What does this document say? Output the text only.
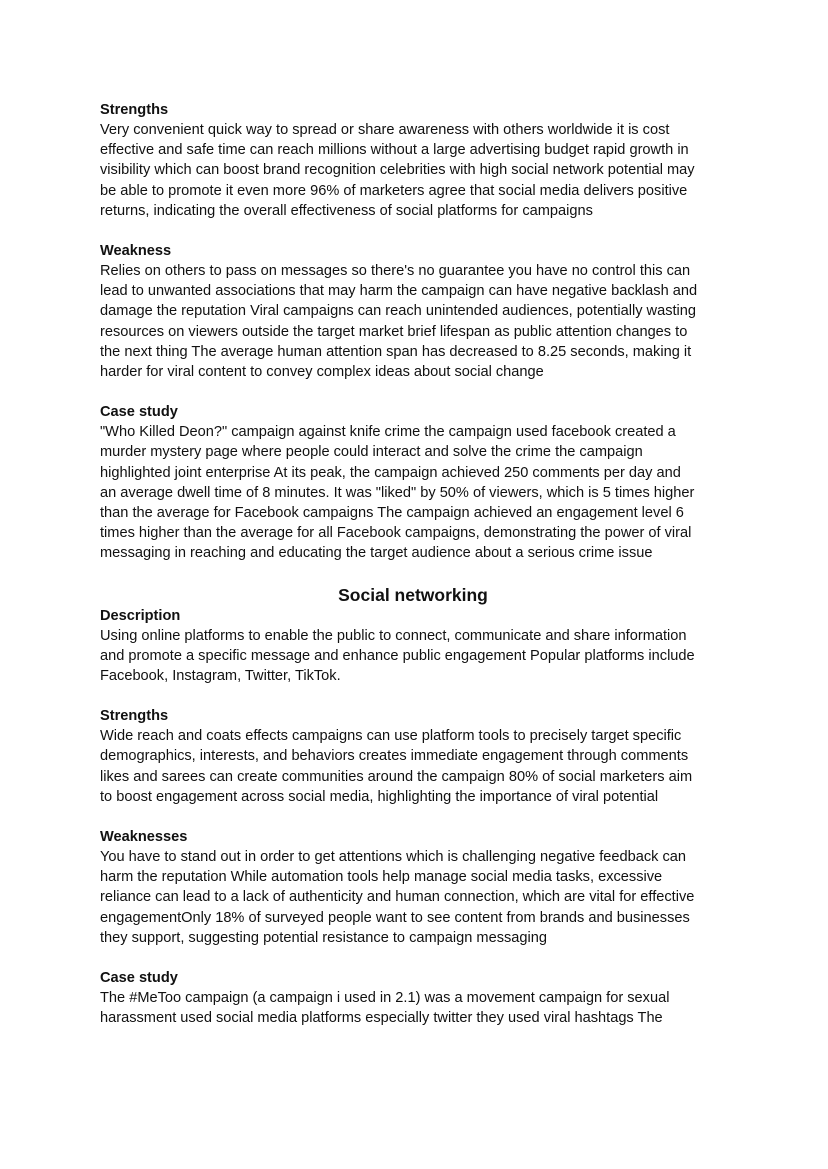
Strengths

Very convenient quick way to spread or share awareness with others worldwide it is cost
effective and safe time can reach millions without a large advertising budget rapid growth in
visibility which can boost brand recognition celebrities with high social network potential may
be able to promote it even more 96% of marketers agree that social media delivers positive
returns, indicating the overall effectiveness of social platforms for campaigns

Weakness

Relies on others to pass on messages so there's no guarantee you have no control this can
lead to unwanted associations that may harm the campaign can have negative backlash and
damage the reputation Viral campaigns can reach unintended audiences, potentially wasting
resources on viewers outside the target market brief lifespan as public attention changes to
the next thing The average human attention span has decreased to 8.25 seconds, making it
harder for viral content to convey complex ideas about social change

Case study

"Who Killed Deon?" campaign against knife crime the campaign used facebook created a
murder mystery page where people could interact and solve the crime the campaign
highlighted joint enterprise At its peak, the campaign achieved 250 comments per day and
an average dwell time of 8 minutes. It was "liked" by 50% of viewers, which is 5 times higher
than the average for Facebook campaigns The campaign achieved an engagement level 6
times higher than the average for all Facebook campaigns, demonstrating the power of viral
messaging in reaching and educating the target audience about a serious crime issue

Social networking

Description

Using online platforms to enable the public to connect, communicate and share information
and promote a specific message and enhance public engagement Popular platforms include
Facebook, Instagram, Twitter, TikTok.

Strengths

Wide reach and coats effects campaigns can use platform tools to precisely target specific
demographics, interests, and behaviors creates immediate engagement through comments
likes and sarees can create communities around the campaign 80% of social marketers aim
to boost engagement across social media, highlighting the importance of viral potential

Weaknesses

You have to stand out in order to get attentions which is challenging negative feedback can
harm the reputation While automation tools help manage social media tasks, excessive
reliance can lead to a lack of authenticity and human connection, which are vital for effective
engagementOnly 18% of surveyed people want to see content from brands and businesses
they support, suggesting potential resistance to campaign messaging

Case study

The #MeToo campaign (a campaign i used in 2.1) was a movement campaign for sexual
harassment used social media platforms especially twitter they used viral hashtags The
